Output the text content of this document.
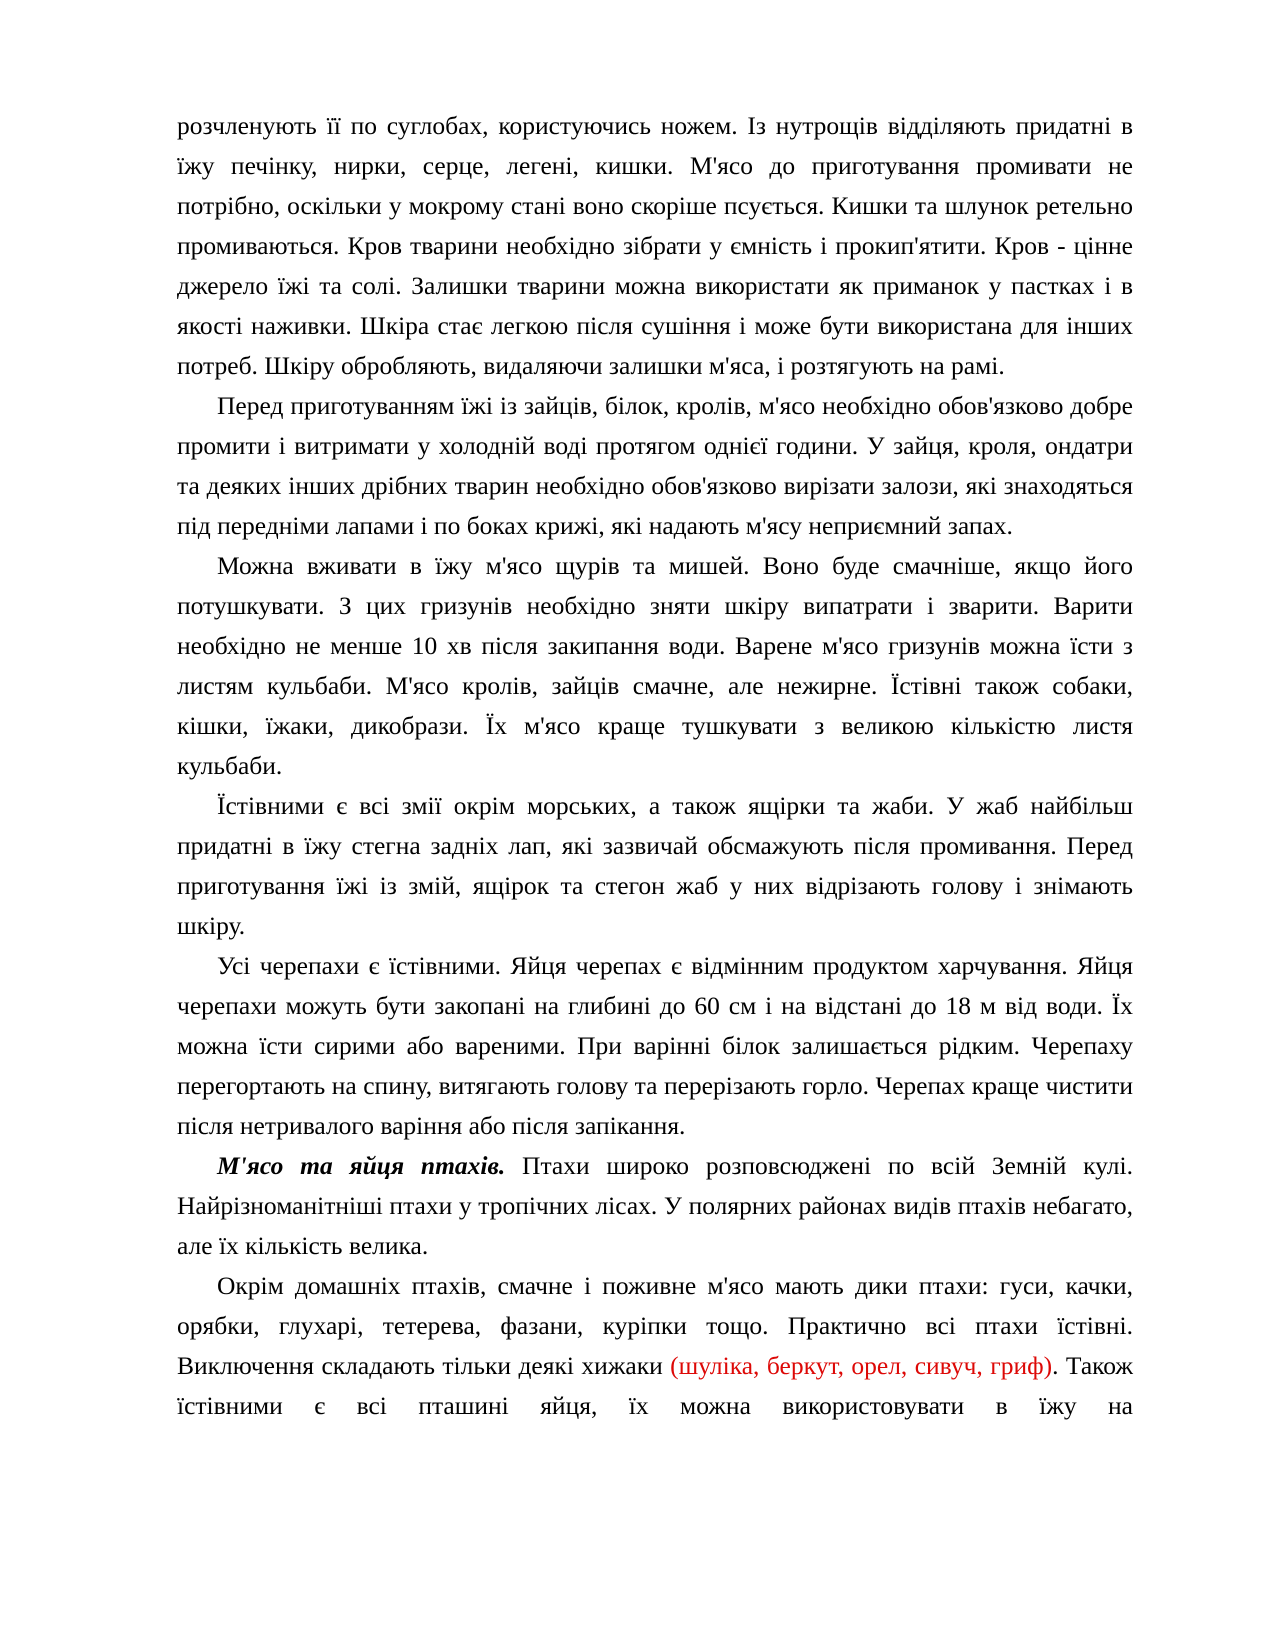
розчленують її по суглобах, користуючись ножем. Із нутрощів відділяють придатні в їжу печінку, нирки, серце, легені, кишки. М'ясо до приготування промивати не потрібно, оскільки у мокрому стані воно скоріше псується. Кишки та шлунок ретельно промиваються. Кров тварини необхідно зібрати у ємність і прокип'ятити. Кров - цінне джерело їжі та солі. Залишки тварини можна використати як приманок у пастках і в якості наживки. Шкіра стає легкою після сушіння і може бути використана для інших потреб. Шкіру обробляють, видаляючи залишки м'яса, і розтягують на рамі.

Перед приготуванням їжі із зайців, білок, кролів, м'ясо необхідно обов'язково добре промити і витримати у холодній воді протягом однієї години. У зайця, кроля, ондатри та деяких інших дрібних тварин необхідно обов'язково вирізати залози, які знаходяться під передніми лапами і по боках крижі, які надають м'ясу неприємний запах.

Можна вживати в їжу м'ясо щурів та мишей. Воно буде смачніше, якщо його потушкувати. З цих гризунів необхідно зняти шкіру випатрати і зварити. Варити необхідно не менше 10 хв після закипання води. Варене м'ясо гризунів можна їсти з листям кульбаби. М'ясо кролів, зайців смачне, але нежирне. Їстівні також собаки, кішки, їжаки, дикобрази. Їх м'ясо краще тушкувати з великою кількістю листя кульбаби.

Їстівними є всі змії окрім морських, а також ящірки та жаби. У жаб найбільш придатні в їжу стегна задніх лап, які зазвичай обсмажують після промивання. Перед приготування їжі із змій, ящірок та стегон жаб у них відрізають голову і знімають шкіру.

Усі черепахи є їстівними. Яйця черепах є відмінним продуктом харчування. Яйця черепахи можуть бути закопані на глибині до 60 см і на відстані до 18 м від води. Їх можна їсти сирими або вареними. При варінні білок залишається рідким. Черепаху перегортають на спину, витягають голову та перерізають горло. Черепах краще чистити після нетривалого варіння або після запікання.

М'ясо та яйця птахів. Птахи широко розповсюджені по всій Земній кулі. Найрізноманітніші птахи у тропічних лісах. У полярних районах видів птахів небагато, але їх кількість велика.

Окрім домашніх птахів, смачне і поживне м'ясо мають дики птахи: гуси, качки, орябки, глухарі, тетерева, фазани, куріпки тощо. Практично всі птахи їстівні. Виключення складають тільки деякі хижаки (шуліка, беркут, орел, сивуч, гриф). Також їстівними є всі пташині яйця, їх можна використовувати в їжу на
